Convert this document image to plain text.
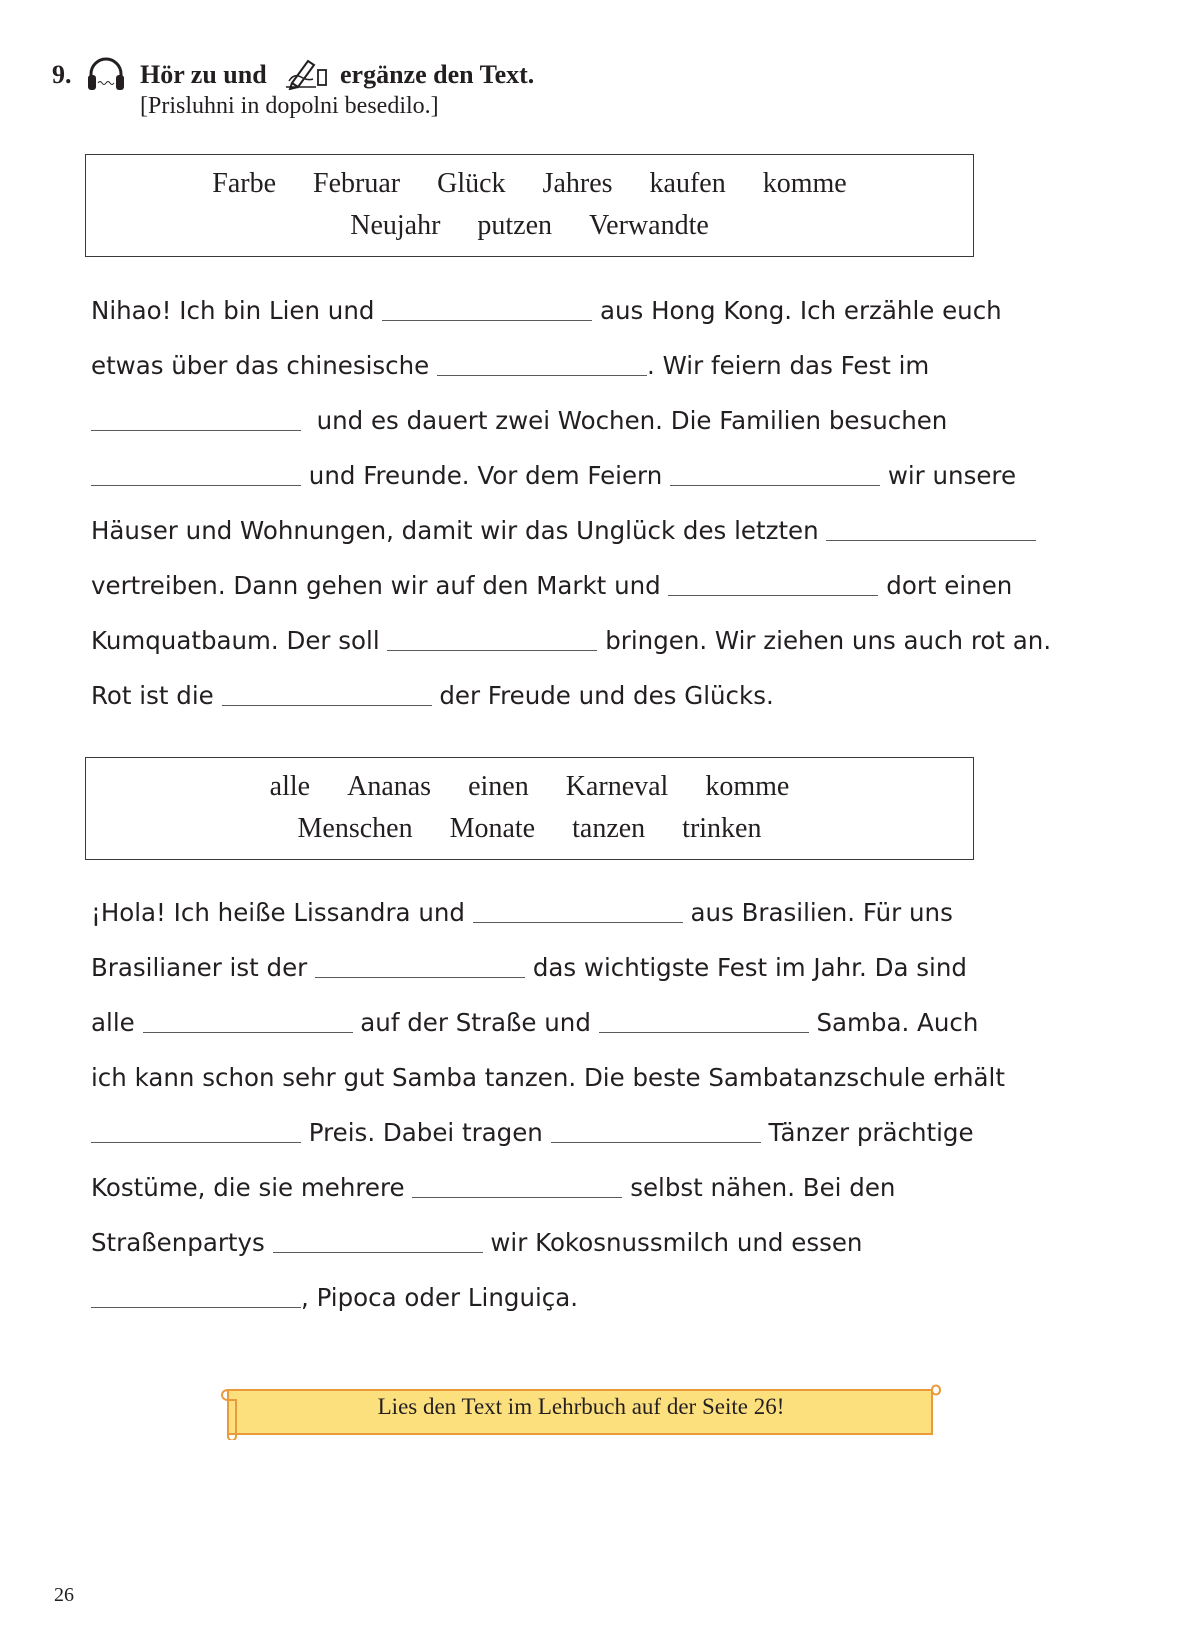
9.	Hör zu und	ergänze den Text.
[Prisluhni in dopolni besedilo.]
Farbe Februar Glück Jahres kaufen komme
Neujahr putzen Verwandte
Nihao! Ich bin Lien und	aus Hong Kong. Ich erzähle euch
etwas über das chinesische	. Wir feiern das Fest im
und es dauert zwei Wochen. Die Familien besuchen
und Freunde. Vor dem Feiern	wir unsere
Häuser und Wohnungen, damit wir das Unglück des letzten
vertreiben. Dann gehen wir auf den Markt und	dort einen
Kumquatbaum. Der soll	bringen. Wir ziehen uns auch rot an.
Rot ist die	der Freude und des Glücks.
alle Ananas einen Karneval komme
Menschen Monate tanzen trinken
¡Hola! Ich heiße Lissandra und	aus Brasilien. Für uns
Brasilianer ist der	das wichtigste Fest im Jahr. Da sind
alle	auf der Straße und	Samba. Auch
ich kann schon sehr gut Samba tanzen. Die beste Sambatanzschule erhält
Preis. Dabei tragen	Tänzer prächtige
Kostüme, die sie mehrere	selbst nähen. Bei den
Straßenpartys	wir Kokosnussmilch und essen
, Pipoca oder Linguiça.
Lies den Text im Lehrbuch auf der Seite 26!
26
